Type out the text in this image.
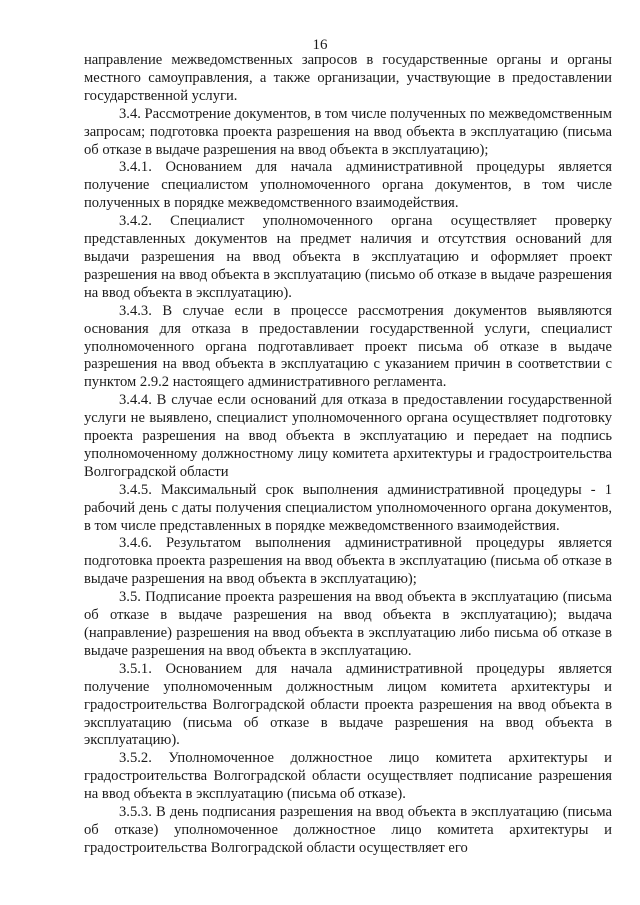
16

направление межведомственных запросов в государственные органы и органы местного самоуправления, а также организации, участвующие в предоставлении государственной услуги.

3.4. Рассмотрение документов, в том числе полученных по межведомственным запросам; подготовка проекта разрешения на ввод объекта в эксплуатацию (письма об отказе в выдаче разрешения на ввод объекта в эксплуатацию);

3.4.1. Основанием для начала административной процедуры является получение специалистом уполномоченного органа документов, в том числе полученных в порядке межведомственного взаимодействия.

3.4.2. Специалист уполномоченного органа осуществляет проверку представленных документов на предмет наличия и отсутствия оснований для выдачи разрешения на ввод объекта в эксплуатацию и оформляет проект разрешения на ввод объекта в эксплуатацию (письмо об отказе в выдаче разрешения на ввод объекта в эксплуатацию).

3.4.3. В случае если в процессе рассмотрения документов выявляются основания для отказа в предоставлении государственной услуги, специалист уполномоченного органа подготавливает проект письма об отказе в выдаче разрешения на ввод объекта в эксплуатацию с указанием причин в соответствии с пунктом 2.9.2 настоящего административного регламента.

3.4.4. В случае если оснований для отказа в предоставлении государственной услуги не выявлено, специалист уполномоченного органа осуществляет подготовку проекта разрешения на ввод объекта в эксплуатацию и передает на подпись уполномоченному должностному лицу комитета архитектуры и градостроительства Волгоградской области

3.4.5. Максимальный срок выполнения административной процедуры - 1 рабочий день с даты получения специалистом уполномоченного органа документов, в том числе представленных в порядке межведомственного взаимодействия.

3.4.6. Результатом выполнения административной процедуры является подготовка проекта разрешения на ввод объекта в эксплуатацию (письма об отказе в выдаче разрешения на ввод объекта в эксплуатацию);

3.5. Подписание проекта разрешения на ввод объекта в эксплуатацию (письма об отказе в выдаче разрешения на ввод объекта в эксплуатацию); выдача (направление) разрешения на ввод объекта в эксплуатацию либо письма об отказе в выдаче разрешения на ввод объекта в эксплуатацию.

3.5.1. Основанием для начала административной процедуры является получение уполномоченным должностным лицом комитета архитектуры и градостроительства Волгоградской области проекта разрешения на ввод объекта в эксплуатацию (письма об отказе в выдаче разрешения на ввод объекта в эксплуатацию).

3.5.2. Уполномоченное должностное лицо комитета архитектуры и градостроительства Волгоградской области осуществляет подписание разрешения на ввод объекта в эксплуатацию (письма об отказе).

3.5.3. В день подписания разрешения на ввод объекта в эксплуатацию (письма об отказе) уполномоченное должностное лицо комитета архитектуры и градостроительства Волгоградской области осуществляет его
